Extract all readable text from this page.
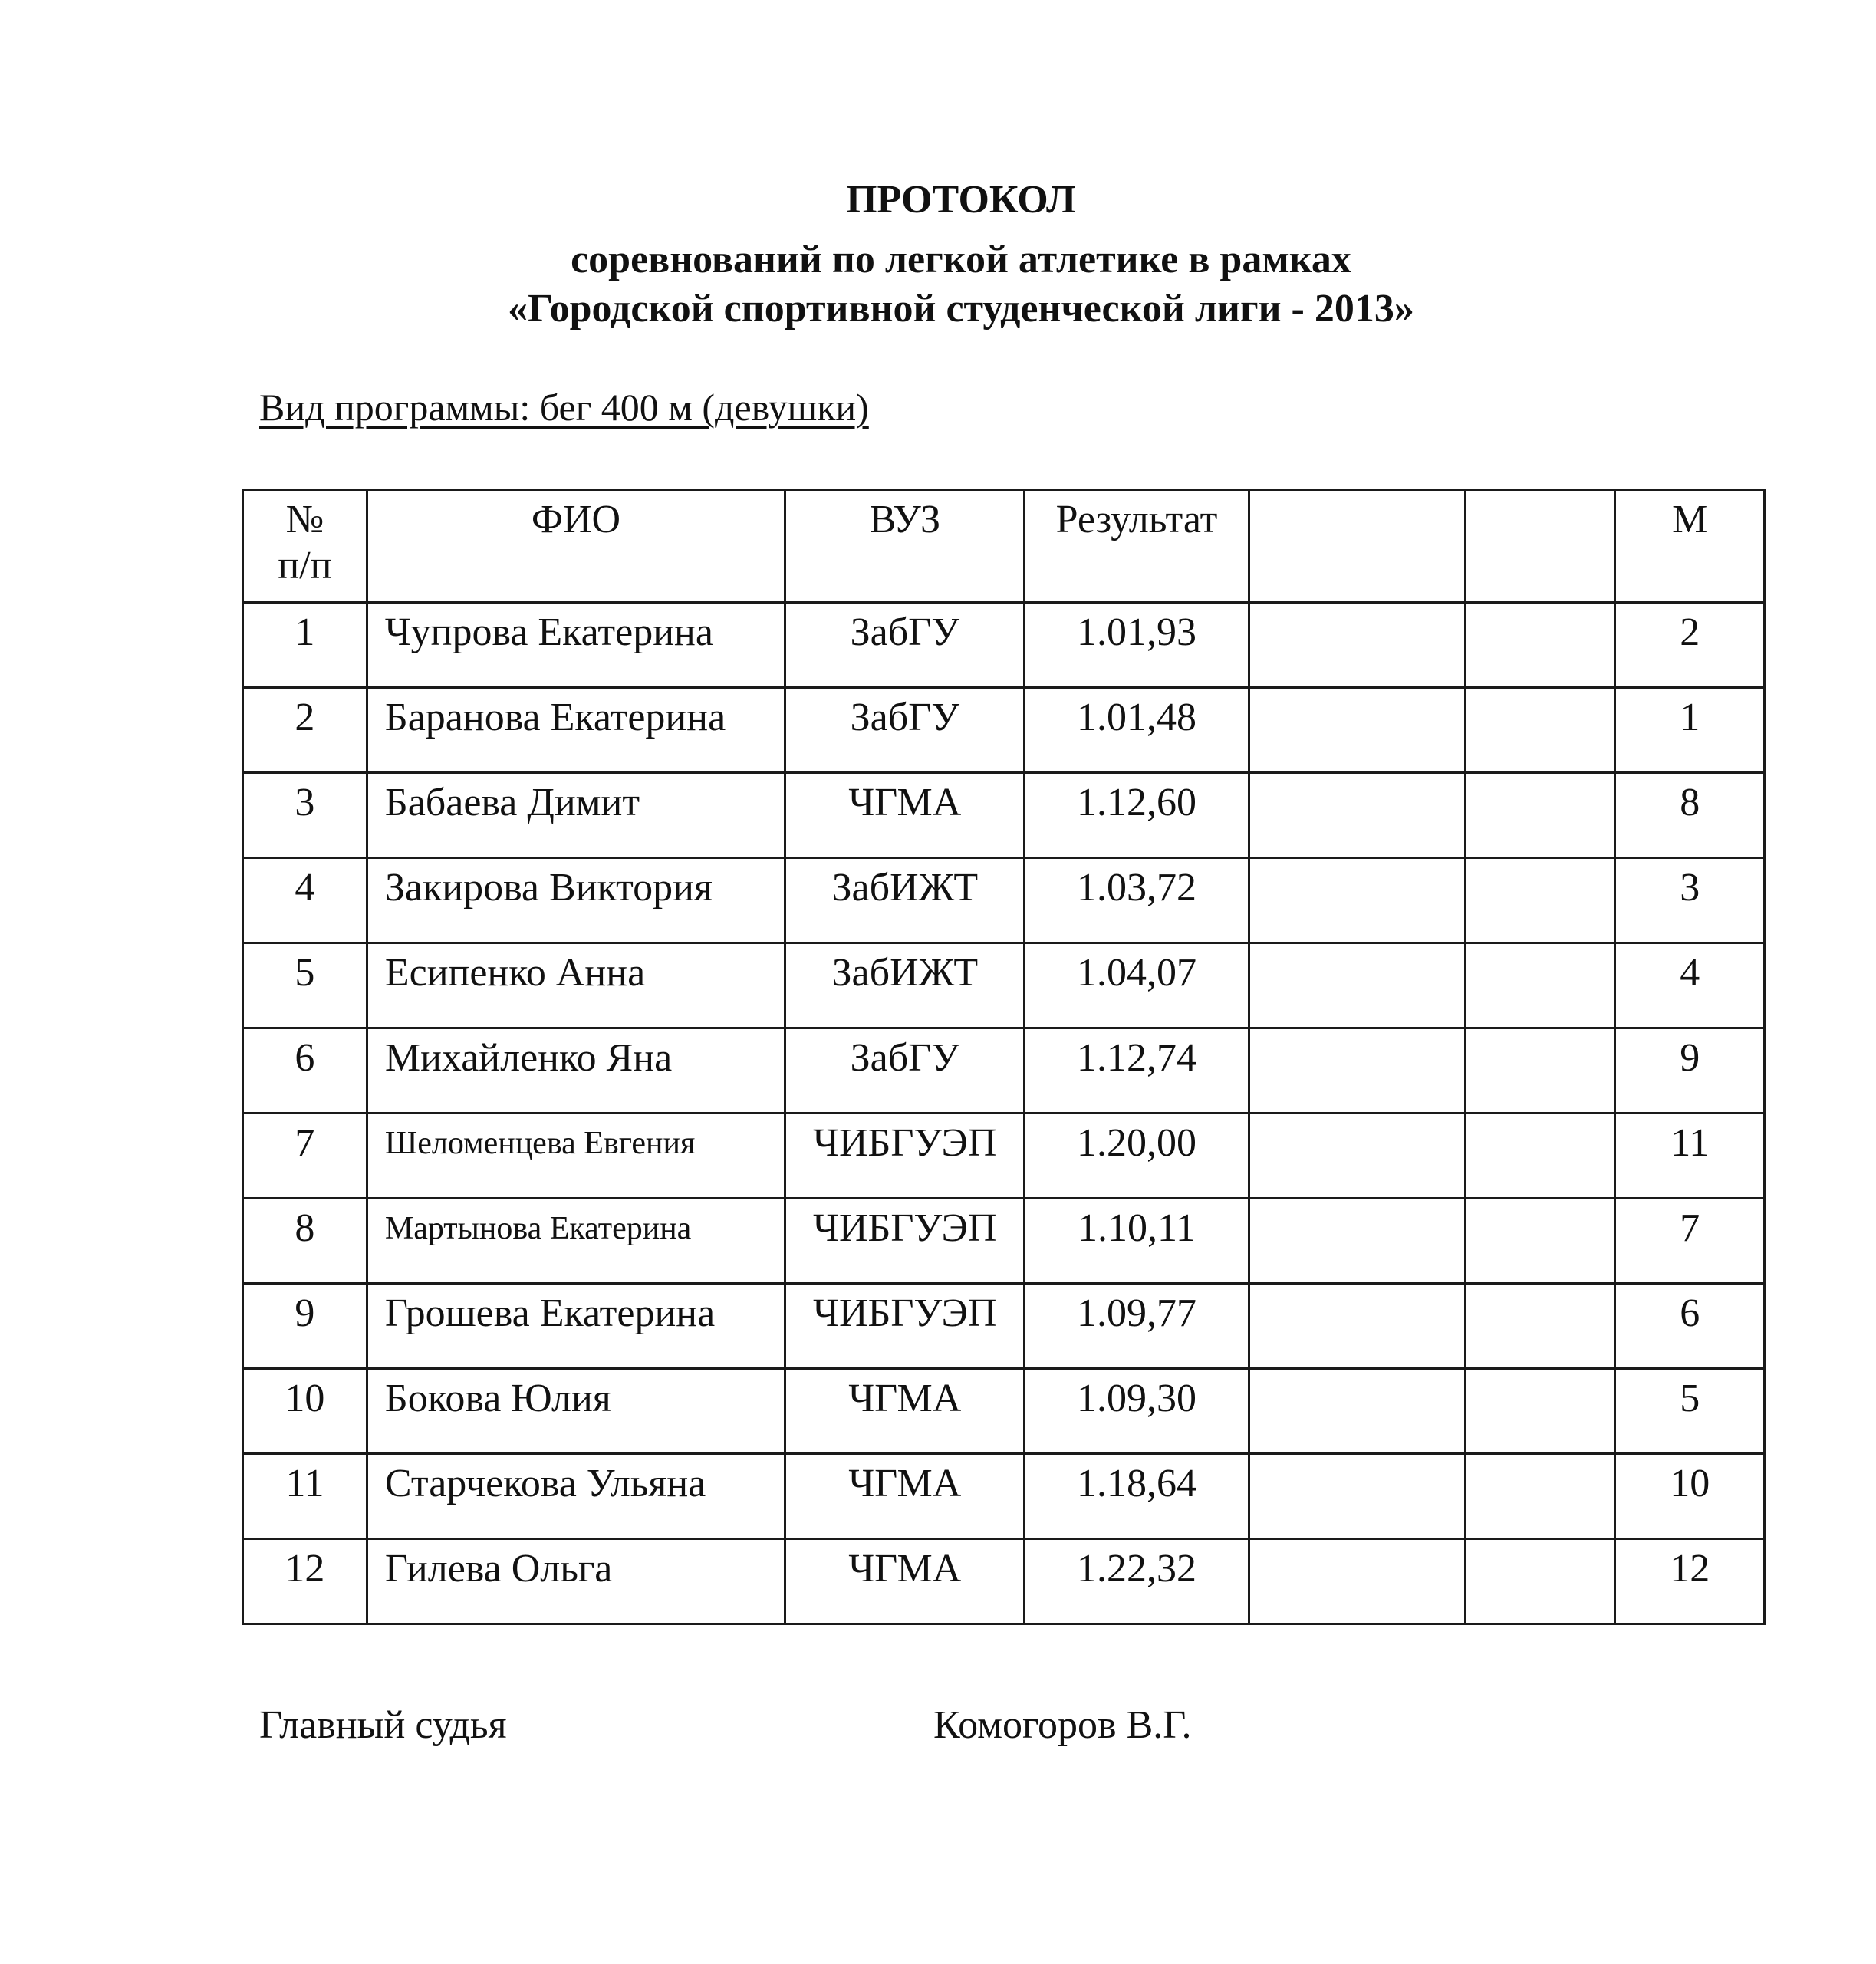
ПРОТОКОЛ
соревнований по легкой атлетике в рамках
«Городской спортивной студенческой лиги - 2013»
Вид программы: бег 400 м (девушки)
№
п/п	ФИО	ВУЗ	Результат			М
1	Чупрова Екатерина	ЗабГУ	1.01,93			2
2	Баранова Екатерина	ЗабГУ	1.01,48			1
3	Бабаева Димит	ЧГМА	1.12,60			8
4	Закирова Виктория	ЗабИЖТ	1.03,72			3
5	Есипенко Анна	ЗабИЖТ	1.04,07			4
6	Михайленко Яна	ЗабГУ	1.12,74			9
7	Шеломенцева Евгения	ЧИБГУЭП	1.20,00			11
8	Мартынова Екатерина	ЧИБГУЭП	1.10,11			7
9	Грошева Екатерина	ЧИБГУЭП	1.09,77			6
10	Бокова Юлия	ЧГМА	1.09,30			5
11	Старчекова Ульяна	ЧГМА	1.18,64			10
12	Гилева Ольга	ЧГМА	1.22,32			12
Главный судья	Комогоров В.Г.
